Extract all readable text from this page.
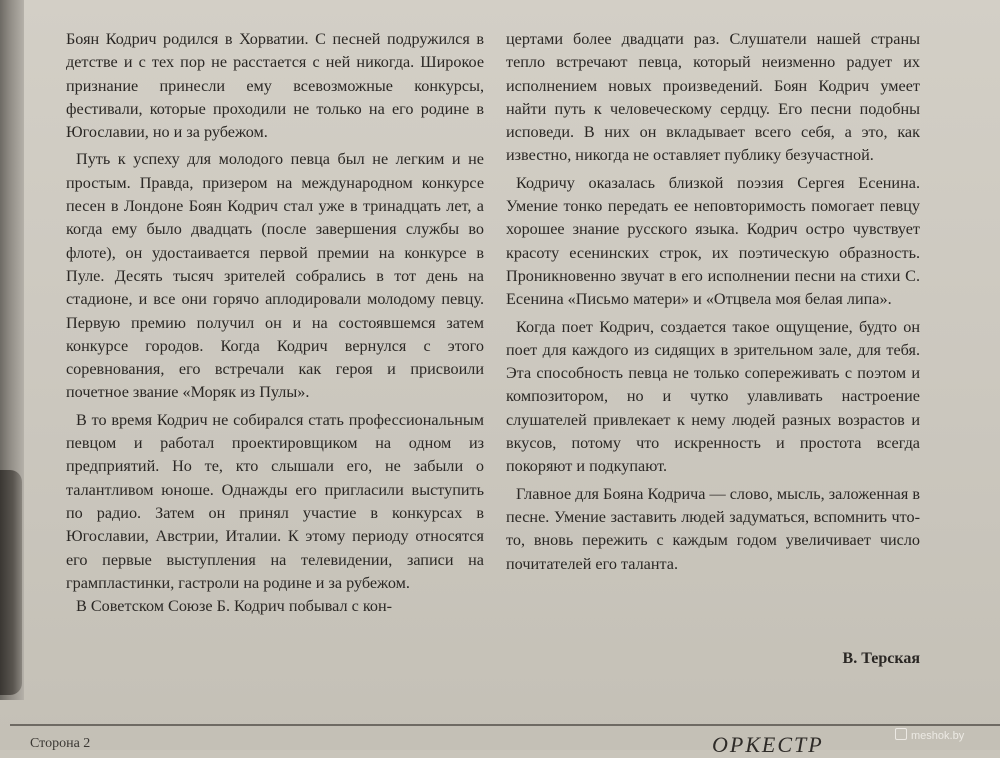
Боян Кодрич родился в Хорватии. С песней подружился в детстве и с тех пор не расстается с ней никогда. Широкое признание принесли ему всевозможные конкурсы, фестивали, которые проходили не только на его родине в Югославии, но и за рубежом.

Путь к успеху для молодого певца был не легким и не простым. Правда, призером на международном конкурсе песен в Лондоне Боян Кодрич стал уже в тринадцать лет, а когда ему было двадцать (после завершения службы во флоте), он удостаивается первой премии на конкурсе в Пуле. Десять тысяч зрителей собрались в тот день на стадионе, и все они горячо аплодировали молодому певцу. Первую премию получил он и на состоявшемся затем конкурсе городов. Когда Кодрич вернулся с этого соревнования, его встречали как героя и присвоили почетное звание «Моряк из Пулы».

В то время Кодрич не собирался стать профессиональным певцом и работал проектировщиком на одном из предприятий. Но те, кто слышали его, не забыли о талантливом юноше. Однажды его пригласили выступить по радио. Затем он принял участие в конкурсах в Югославии, Австрии, Италии. К этому периоду относятся его первые выступления на телевидении, записи на грампластинки, гастроли на родине и за рубежом.

В Советском Союзе Б. Кодрич побывал с кон-

цертами более двадцати раз. Слушатели нашей страны тепло встречают певца, который неизменно радует их исполнением новых произведений. Боян Кодрич умеет найти путь к человеческому сердцу. Его песни подобны исповеди. В них он вкладывает всего себя, а это, как известно, никогда не оставляет публику безучастной.

Кодричу оказалась близкой поэзия Сергея Есенина. Умение тонко передать ее неповторимость помогает певцу хорошее знание русского языка. Кодрич остро чувствует красоту есенинских строк, их поэтическую образность. Проникновенно звучат в его исполнении песни на стихи С. Есенина «Письмо матери» и «Отцвела моя белая липа».

Когда поет Кодрич, создается такое ощущение, будто он поет для каждого из сидящих в зрительном зале, для тебя. Эта способность певца не только сопереживать с поэтом и композитором, но и чутко улавливать настроение слушателей привлекает к нему людей разных возрастов и вкусов, потому что искренность и простота всегда покоряют и подкупают.

Главное для Бояна Кодрича — слово, мысль, заложенная в песне. Умение заставить людей задуматься, вспомнить что-то, вновь пережить с каждым годом увеличивает число почитателей его таланта.

В. Терская
Сторона 2	ОРКЕСТР	meshok.by
